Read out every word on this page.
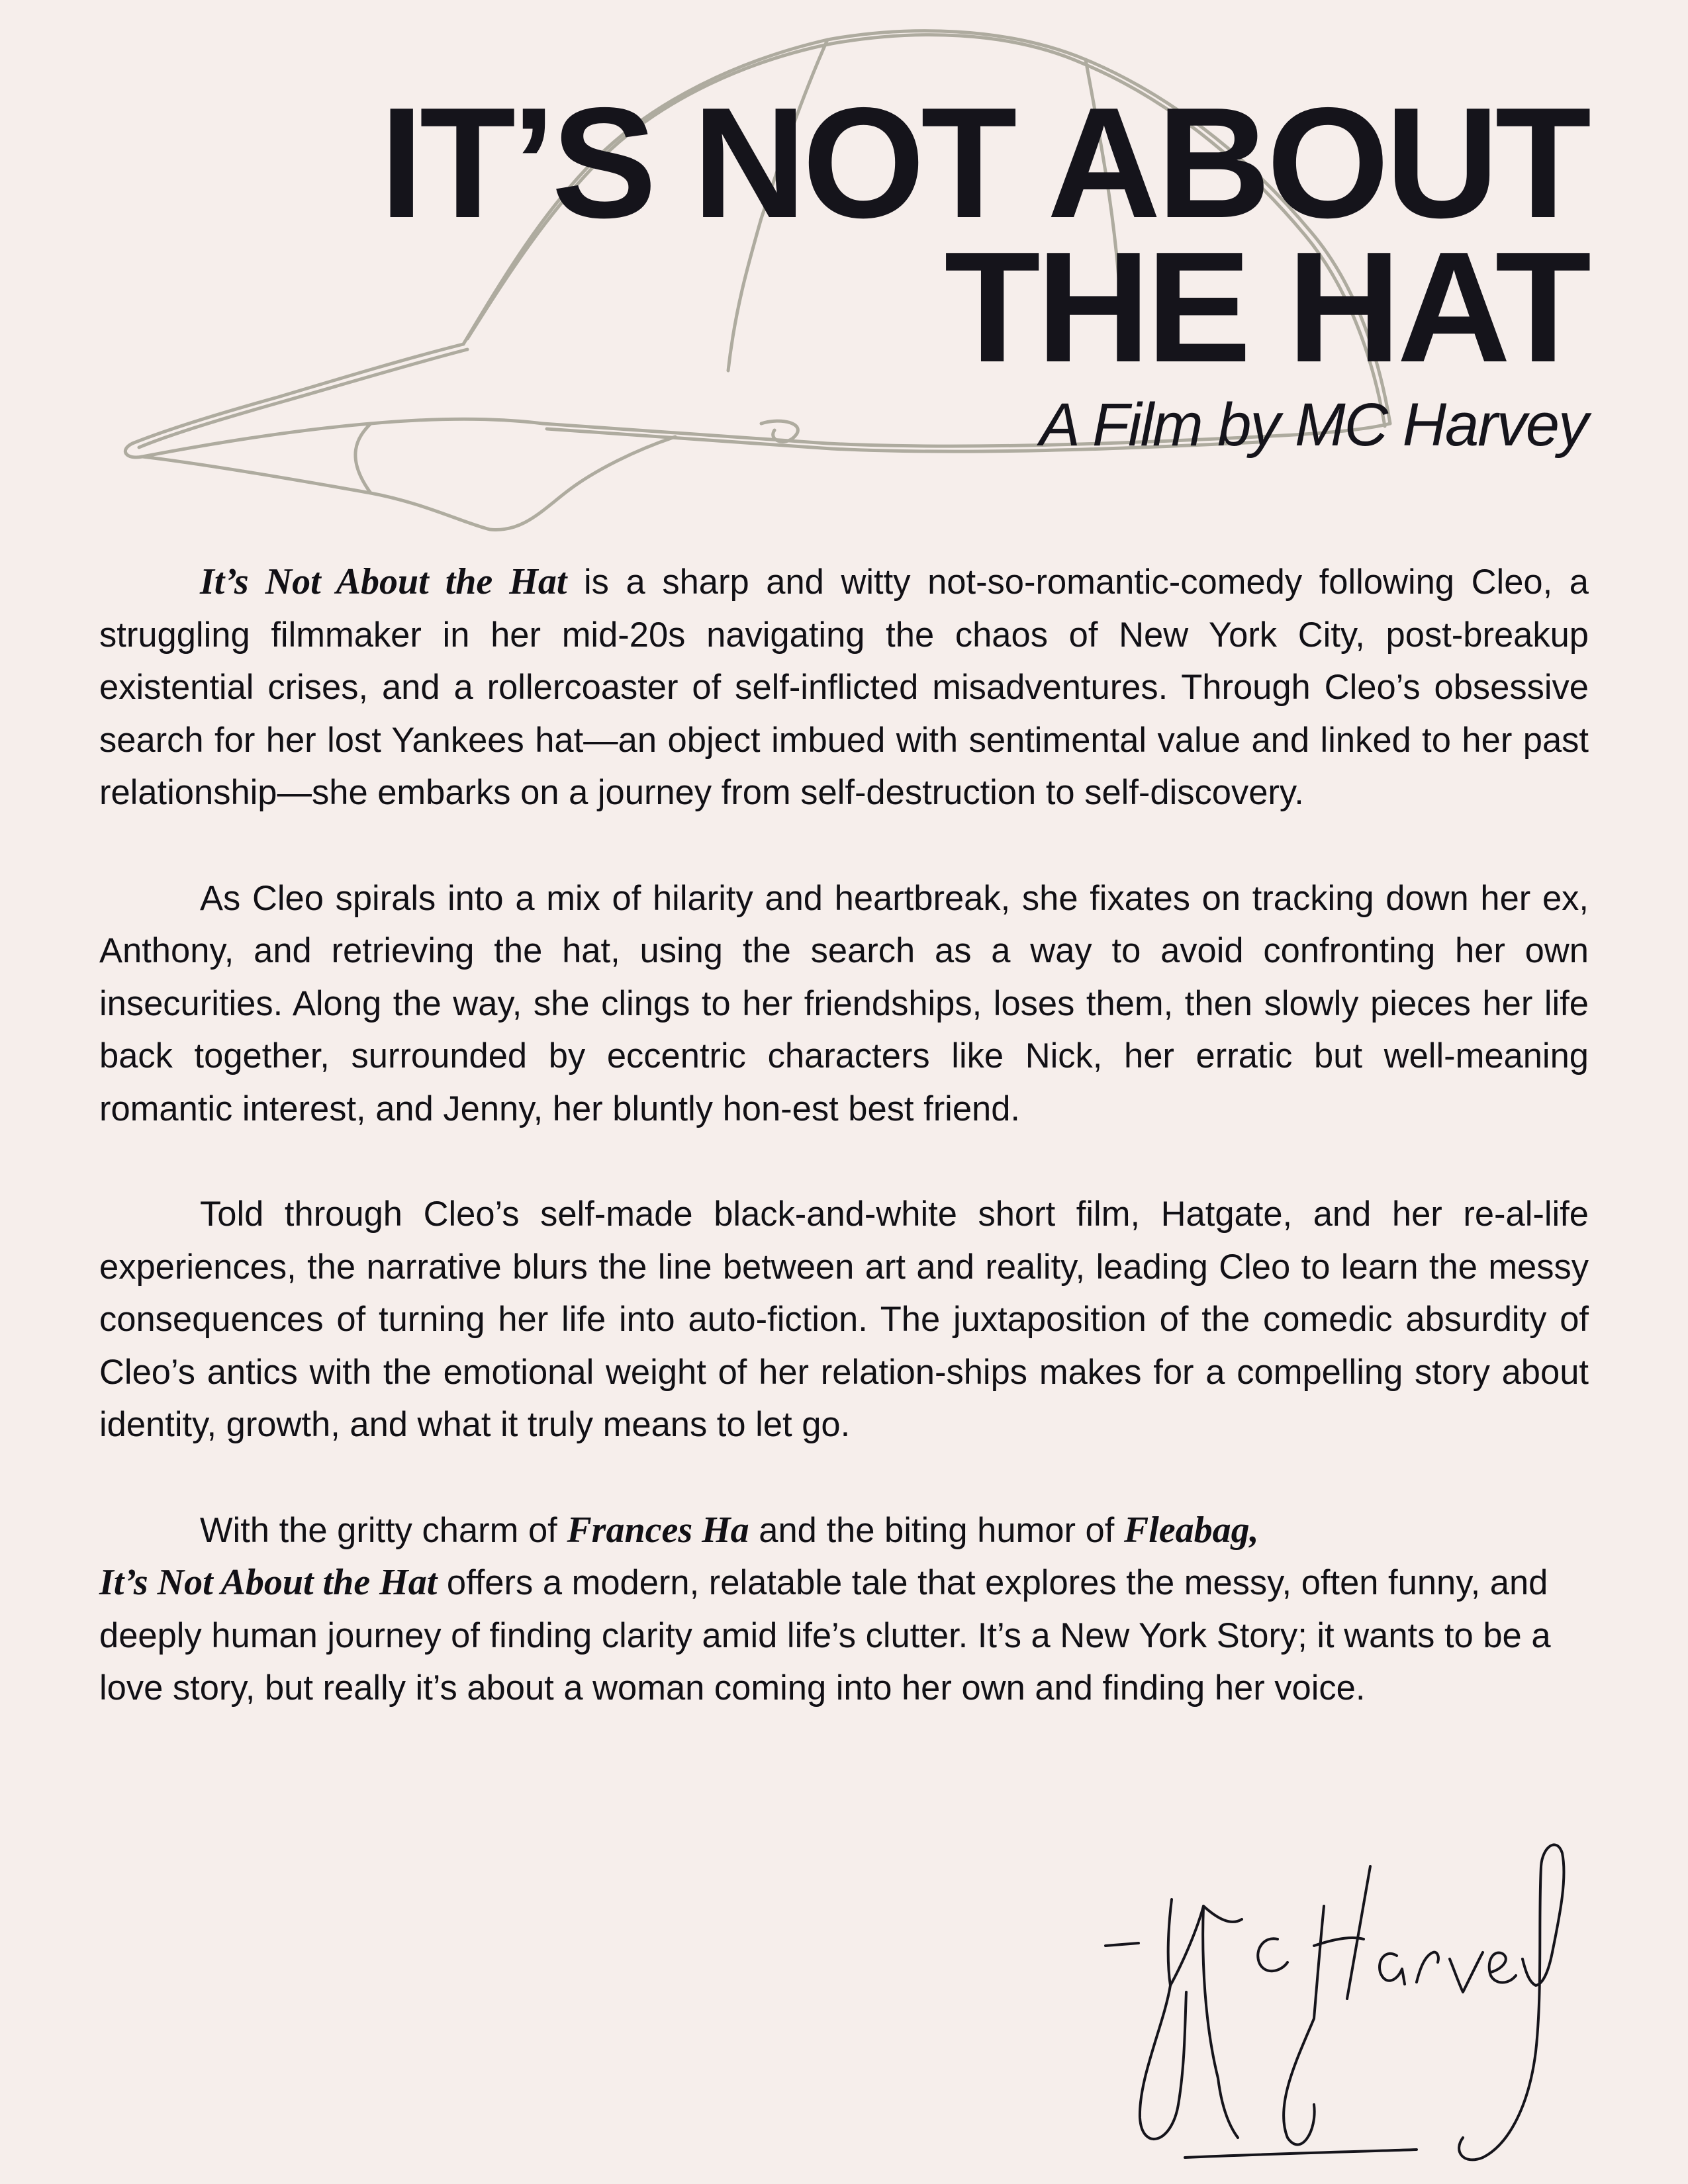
IT’S NOT ABOUT
THE HAT
A Film by MC Harvey

It’s Not About the Hat is a sharp and witty not-so-romantic-comedy following Cleo, a struggling filmmaker in her mid-20s navigating the chaos of New York City, post-breakup existential crises, and a rollercoaster of self-inflicted misadventures. Through Cleo’s obsessive search for her lost Yankees hat—an object imbued with sentimental value and linked to her past relationship—she embarks on a journey from self-destruction to self-discovery.

As Cleo spirals into a mix of hilarity and heartbreak, she fixates on tracking down her ex, Anthony, and retrieving the hat, using the search as a way to avoid confronting her own insecurities. Along the way, she clings to her friendships, loses them, then slowly pieces her life back together, surrounded by eccentric characters like Nick, her erratic but well-meaning romantic interest, and Jenny, her bluntly hon-est best friend.

Told through Cleo’s self-made black-and-white short film, Hatgate, and her re-al-life experiences, the narrative blurs the line between art and reality, leading Cleo to learn the messy consequences of turning her life into auto-fiction. The juxtaposition of the comedic absurdity of Cleo’s antics with the emotional weight of her relation-ships makes for a compelling story about identity, growth, and what it truly means to let go.

With the gritty charm of Frances Ha and the biting humor of Fleabag,
It’s Not About the Hat offers a modern, relatable tale that explores the messy, often funny, and deeply human journey of finding clarity amid life’s clutter. It’s a New York Story; it wants to be a love story, but really it’s about a woman coming into her own and finding her voice.
